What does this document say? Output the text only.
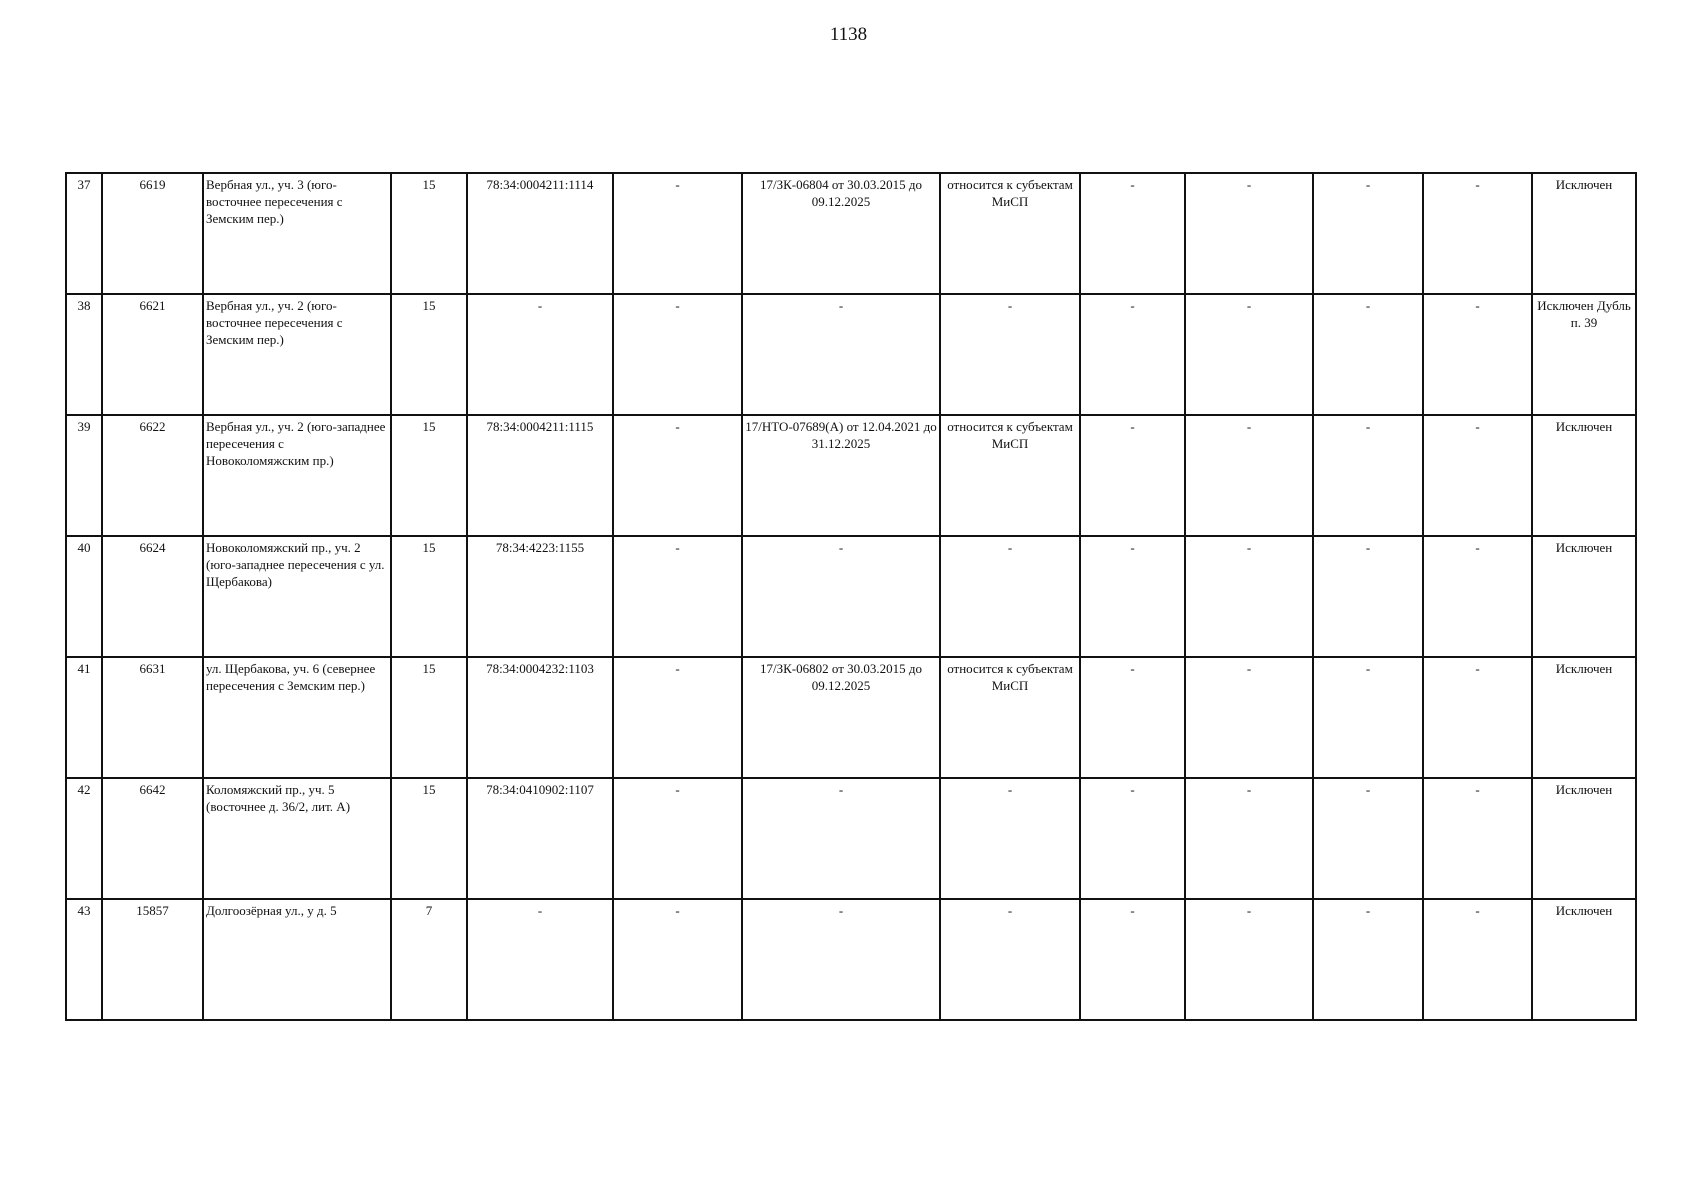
1138
37	6619	Вербная ул., уч. 3 (юго-восточнее пересечения с Земским пер.)	15	78:34:0004211:1114	-	17/ЗК-06804 от 30.03.2015 до 09.12.2025	относится к субъектам МиСП	-	-	-	-	Исключен
38	6621	Вербная ул., уч. 2 (юго-восточнее пересечения с Земским пер.)	15	-	-	-	-	-	-	-	-	Исключен Дубль п. 39
39	6622	Вербная ул., уч. 2 (юго-западнее пересечения с Новоколомяжским пр.)	15	78:34:0004211:1115	-	17/НТО-07689(А) от 12.04.2021 до 31.12.2025	относится к субъектам МиСП	-	-	-	-	Исключен
40	6624	Новоколомяжский пр., уч. 2 (юго-западнее пересечения с ул. Щербакова)	15	78:34:4223:1155	-	-	-	-	-	-	-	Исключен
41	6631	ул. Щербакова, уч. 6 (севернее пересечения с Земским пер.)	15	78:34:0004232:1103	-	17/ЗК-06802 от 30.03.2015 до 09.12.2025	относится к субъектам МиСП	-	-	-	-	Исключен
42	6642	Коломяжский пр., уч. 5 (восточнее д. 36/2, лит. А)	15	78:34:0410902:1107	-	-	-	-	-	-	-	Исключен
43	15857	Долгоозёрная ул., у д. 5	7	-	-	-	-	-	-	-	-	Исключен
